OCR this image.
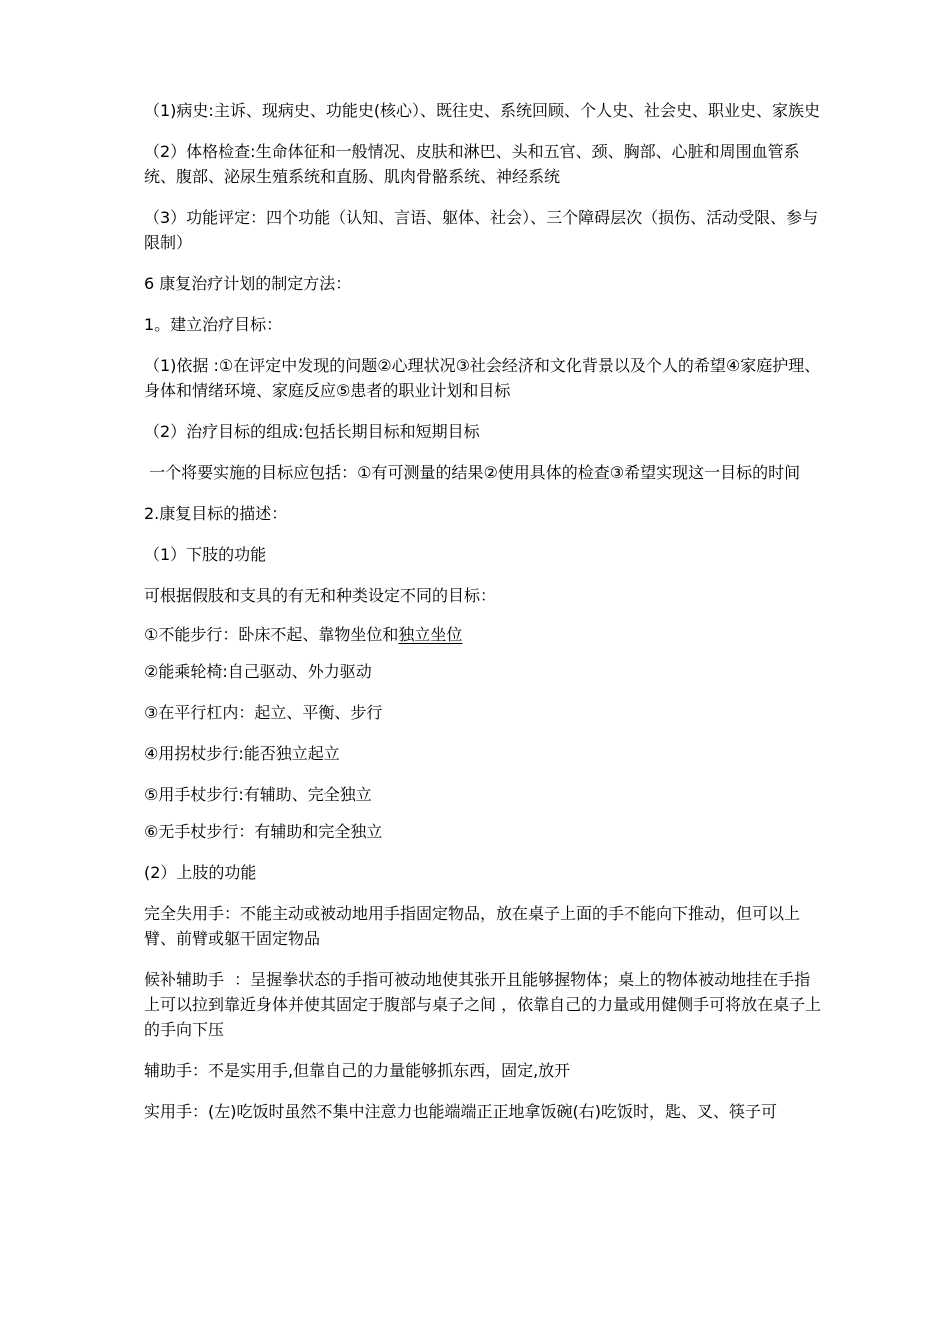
（1)病史:主诉、现病史、功能史(核心）、既往史、系统回顾、个人史、社会史、职业史、家族史

（2）体格检查:生命体征和一般情况、皮肤和淋巴、头和五官、颈、胸部、心脏和周围血管系统、腹部、泌尿生殖系统和直肠、肌肉骨骼系统、神经系统

（3）功能评定：四个功能（认知、言语、躯体、社会）、三个障碍层次（损伤、活动受限、参与限制）

6 康复治疗计划的制定方法：

1。建立治疗目标：

（1)依据 :①在评定中发现的问题②心理状况③社会经济和文化背景以及个人的希望④家庭护理、身体和情绪环境、家庭反应⑤患者的职业计划和目标

（2）治疗目标的组成:包括长期目标和短期目标

一个将要实施的目标应包括：①有可测量的结果②使用具体的检查③希望实现这一目标的时间

2.康复目标的描述：

（1）下肢的功能

可根据假肢和支具的有无和种类设定不同的目标：

①不能步行：卧床不起、靠物坐位和独立坐位

②能乘轮椅:自己驱动、外力驱动

③在平行杠内：起立、平衡、步行

④用拐杖步行:能否独立起立

⑤用手杖步行:有辅助、完全独立

⑥无手杖步行：有辅助和完全独立

(2）上肢的功能

完全失用手：不能主动或被动地用手指固定物品，放在桌子上面的手不能向下推动，但可以上臂、前臂或躯干固定物品

候补辅助手  ：呈握拳状态的手指可被动地使其张开且能够握物体；桌上的物体被动地挂在手指上可以拉到靠近身体并使其固定于腹部与桌子之间 ，依靠自己的力量或用健侧手可将放在桌子上的手向下压

辅助手：不是实用手,但靠自己的力量能够抓东西，固定,放开

实用手：(左)吃饭时虽然不集中注意力也能端端正正地拿饭碗(右)吃饭时，匙、叉、筷子可
